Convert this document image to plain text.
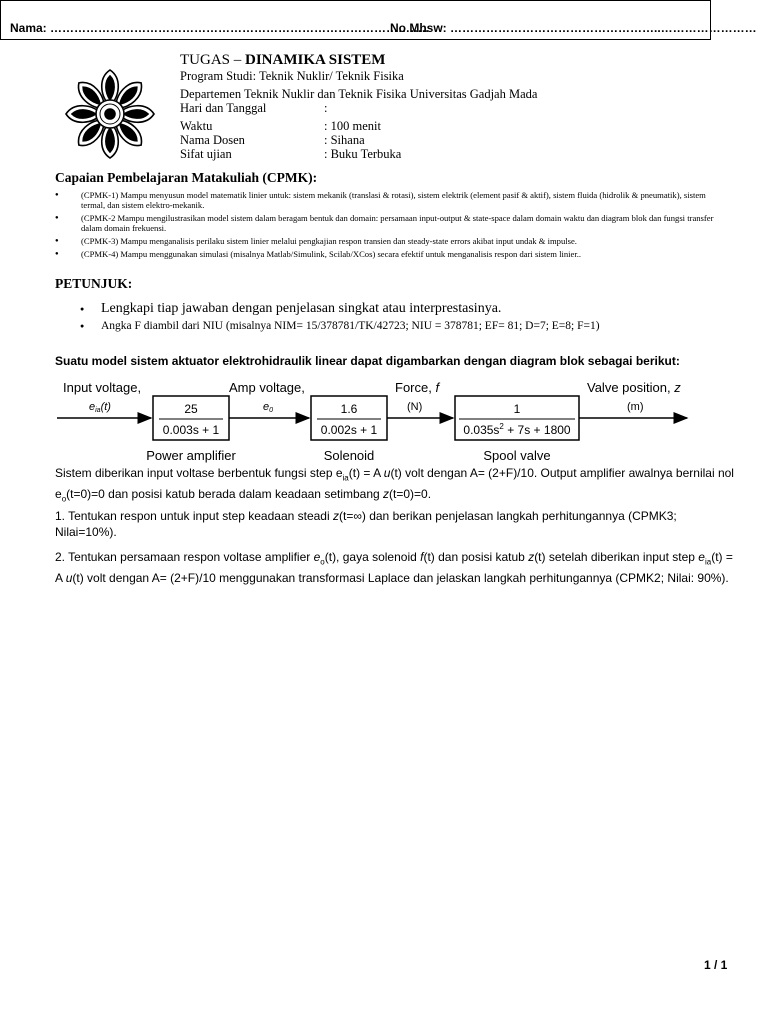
Nama: …………………………………………………………………………………..
No Mhsw: ……………………………………………..……………………
TUGAS – DINAMIKA SISTEM
Program Studi: Teknik Nuklir/ Teknik Fisika
Departemen Teknik Nuklir dan Teknik Fisika Universitas Gadjah Mada
Hari dan Tanggal	:
Waktu	: 100 menit
Nama Dosen	: Sihana
Sifat ujian	: Buku Terbuka
Capaian Pembelajaran Matakuliah (CPMK):
● (CPMK-1) Mampu menyusun model matematik linier untuk: sistem mekanik (translasi & rotasi), sistem elektrik (element pasif & aktif), sistem fluida (hidrolik & pneumatik), sistem termal, dan sistem elektro-mekanik.
● (CPMK-2 Mampu mengilustrasikan model sistem dalam beragam bentuk dan domain: persamaan input-output & state-space dalam domain waktu dan diagram blok dan fungsi transfer dalam domain frekuensi.
● (CPMK-3) Mampu menganalisis perilaku sistem linier melalui pengkajian respon transien dan steady-state errors akibat input undak & impulse.
● (CPMK-4) Mampu menggunakan simulasi (misalnya Matlab/Simulink, Scilab/XCos) secara efektif untuk menganalisis respon dari sistem linier..
PETUNJUK:
● Lengkapi tiap jawaban dengan penjelasan singkat atau interprestasinya.
● Angka F diambil dari NIU (misalnya NIM= 15/378781/TK/42723; NIU = 378781; EF= 81; D=7; E=8; F=1)
Suatu model sistem aktuator elektrohidraulik linear dapat digambarkan dengan diagram blok sebagai berikut:
25
0.003s + 1
1.6
0.002s + 1
1
$0.035s^2 + 7s + 1800$
Input voltage,
eia(t)
Amp voltage,
e0
Force, f
(N)
Valve position, z
(m)
Power amplifier	Solenoid	Spool valve
Sistem diberikan input voltase berbentuk fungsi step $e_{ia}(t) = A$ u(t) volt dengan A= (2+F)/10. Output amplifier awalnya bernilai nol $e_o(t=0)=0$ dan posisi katub berada dalam keadaan setimbang z(t=0)=0.
1. Tentukan respon untuk input step keadaan steadi z(t=∞) dan berikan penjelasan langkah perhitungannya (CPMK3; Nilai=10%).
2. Tentukan persamaan respon voltase amplifier $e_o(t)$, gaya solenoid f(t) dan posisi katub z(t) setelah diberikan input step $e_{ia}(t) = A$ u(t) volt dengan A= (2+F)/10 menggunakan transformasi Laplace dan jelaskan langkah perhitungannya (CPMK2; Nilai: 90%).
1 / 1
